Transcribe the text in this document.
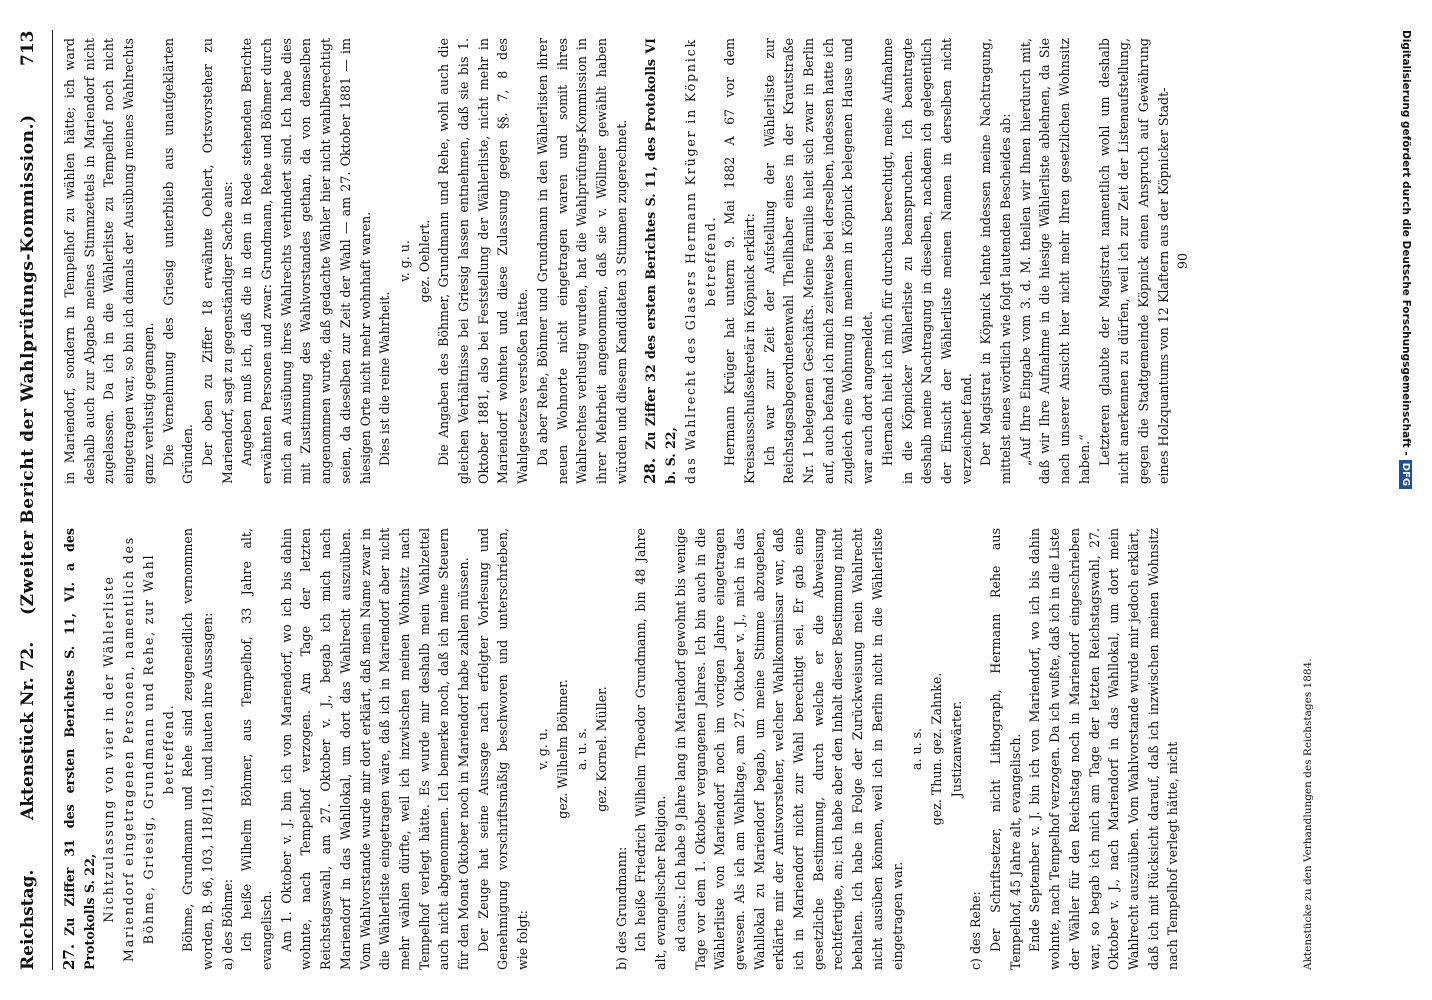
Reichstag.
Aktenstück Nr. 72.
(Zweiter Bericht der Wahlprüfungs-Kommission.)
713

27.Zu Ziffer 31 des ersten Berichtes S. 11, VI. a des Protokolls S. 22, Nichtzulassung von vier in der Wählerliste Mariendorf eingetragenen Personen, namentlich des Böhme, Griesig, Grundmann und Rehe, zur Wahl betreffend. Böhme, Grundmann und Rehe sind zeugeneidlich vernommen worden, B. 96, 103, 118/119, und lauten ihre Aussagen: a) des Böhme: Ich heiße Wilhelm Böhmer, aus Tempelhof, 33 Jahre alt, evangelisch. Am 1. Oktober v. J. bin ich von Mariendorf, wo ich bis dahin wohnte, nach Tempelhof verzogen. Am Tage der letzten Reichstagswahl, am 27. Oktober v. J., begab ich mich nach Mariendorf in das Wahllokal, um dort das Wahlrecht auszuüben. Vom Wahlvorstande wurde mir dort erklärt, daß mein Name zwar in die Wählerliste eingetragen wäre, daß ich in Mariendorf aber nicht mehr wählen dürfte, weil ich inzwischen meinen Wohnsitz nach Tempelhof verlegt hätte. Es wurde mir deshalb mein Wahlzettel auch nicht abgenommen. Ich bemerke noch, daß ich meine Steuern für den Monat Oktober noch in Mariendorf habe zahlen müssen. Der Zeuge hat seine Aussage nach erfolgter Vorlesung und Genehmigung vorschriftsmäßig beschworen und unterschrieben, wie folgt:

v. g. u. gez. Wilhelm Böhmer. a. u. s. gez. Kornel. Müller.

b) des Grundmann: Ich heiße Friedrich Wilhelm Theodor Grundmann, bin 48 Jahre alt, evangelischer Religion. ad caus.: Ich habe 9 Jahre lang in Mariendorf gewohnt bis wenige Tage vor dem 1. Oktober vergangenen Jahres. Ich bin auch in die Wählerliste von Mariendorf noch im vorigen Jahre eingetragen gewesen. Als ich am Wahltage, am 27. Oktober v. J., mich in das Wahllokal zu Mariendorf begab, um meine Stimme abzugeben, erklärte mir der Amtsvorsteher, welcher Wahlkommissar war, daß ich in Mariendorf nicht zur Wahl berechtigt sei. Er gab eine gesetzliche Bestimmung, durch welche er die Abweisung rechtfertigte, an; ich habe aber den Inhalt dieser Bestimmung nicht behalten. Ich habe in Folge der Zurückweisung mein Wahlrecht nicht ausüben können, weil ich in Berlin nicht in die Wählerliste eingetragen war.

a. u. s. gez. Thun. gez. Zahnke. Justizanwärter.

c) des Rehe: Der Schriftsetzer, nicht Lithograph, Hermann Rehe aus Tempelhof, 45 Jahre alt, evangelisch. Ende September v. J. bin ich von Mariendorf, wo ich bis dahin wohnte, nach Tempelhof verzogen. Da ich wußte, daß ich in die Liste der Wähler für den Reichstag noch in Mariendorf eingeschrieben war, so begab ich mich am Tage der letzten Reichstagswahl, 27. Oktober v. J., nach Mariendorf in das Wahllokal, um dort mein Wahlrecht auszuüben. Vom Wahlvorstande wurde mir jedoch erklärt, daß ich mit Rücksicht darauf, daß ich inzwischen meinen Wohnsitz nach Tempelhof verlegt hätte, nicht

in Mariendorf, sondern in Tempelhof zu wählen hätte; ich ward deshalb auch zur Abgabe meines Stimmzettels in Mariendorf nicht zugelassen. Da ich in die Wählerliste zu Tempelhof noch nicht eingetragen war, so bin ich damals der Ausübung meines Wahlrechts ganz verlustig gegangen. Die Vernehmung des Griesig unterblieb aus unaufgeklärten Gründen. Der oben zu Ziffer 18 erwähnte Oehlert, Ortsvorsteher zu Mariendorf, sagt zu gegenständiger Sache aus: Angeben muß ich, daß die in dem in Rede stehenden Berichte erwähnten Personen und zwar: Grundmann, Rehe und Böhmer durch mich an Ausübung ihres Wahlrechts verhindert sind. Ich habe dies mit Zustimmung des Wahlvorstandes gethan, da von demselben angenommen wurde, daß gedachte Wähler hier nicht wahlberechtigt seien, da dieselben zur Zeit der Wahl — am 27. Oktober 1881 — im hiesigen Orte nicht mehr wohnhaft waren. Dies ist die reine Wahrheit.

v. g. u. gez. Oehlert. Die Angaben des Böhmer, Grundmann und Rehe, wohl auch die gleichen Verhältnisse bei Griesig lassen entnehmen, daß sie bis 1. Oktober 1881, also bei Feststellung der Wählerliste, nicht mehr in Mariendorf wohnten und diese Zulassung gegen §§. 7, 8 des Wahlgesetzes verstoßen hätte. Da aber Rehe, Böhmer und Grundmann in den Wählerlisten ihrer neuen Wohnorte nicht eingetragen waren und somit ihres Wahlrechtes verlustig wurden, hat die Wahlprüfungs-Kommission in ihrer Mehrheit angenommen, daß sie v. Wöllmer gewählt haben würden und diesem Kandidaten 3 Stimmen zugerechnet. 28.Zu Ziffer 32 des ersten Berichtes S. 11, des Protokolls VI b. S. 22, das Wahlrecht des Glasers Hermann Krüger in Köpnick betreffend. Hermann Krüger hat unterm 9. Mai 1882 A 67 vor dem Kreisausschußsekretär in Köpnick erklärt: Ich war zur Zeit der Aufstellung der Wählerliste zur Reichstagsabgeordnetenwahl Theilhaber eines in der Krautstraße Nr. 1 belegenen Geschäfts. Meine Familie hielt sich zwar in Berlin auf, auch befand ich mich zeitweise bei derselben, indessen hatte ich zugleich eine Wohnung in meinem in Köpnick belegenen Hause und war auch dort angemeldet. Hiernach hielt ich mich für durchaus berechtigt, meine Aufnahme in die Köpnicker Wählerliste zu beanspruchen. Ich beantragte deshalb meine Nachtragung in dieselben, nachdem ich gelegentlich der Einsicht der Wählerliste meinen Namen in derselben nicht verzeichnet fand. Der Magistrat in Köpnick lehnte indessen meine Nachtragung, mittelst eines wörtlich wie folgt lautenden Bescheides ab: „Auf Ihre Eingabe vom 3. d. M. theilen wir Ihnen hierdurch mit, daß wir Ihre Aufnahme in die hiesige Wählerliste ablehnen, da Sie nach unserer Ansicht hier nicht mehr Ihren gesetzlichen Wohnsitz haben.“ Letzteren glaubte der Magistrat namentlich wohl um deshalb nicht anerkennen zu dürfen, weil ich zur Zeit der Listenaufstellung, gegen die Stadtgemeinde Köpnick einen Anspruch auf Gewährung eines Holzquantums von 12 Klaftern aus der Köpnicker Stadt- 90

Aktenstücke zu den Verhandlungen des Reichstages 1884.
Digitalisierung gefördert durch die Deutsche Forschungsgemeinschaft -DFG
